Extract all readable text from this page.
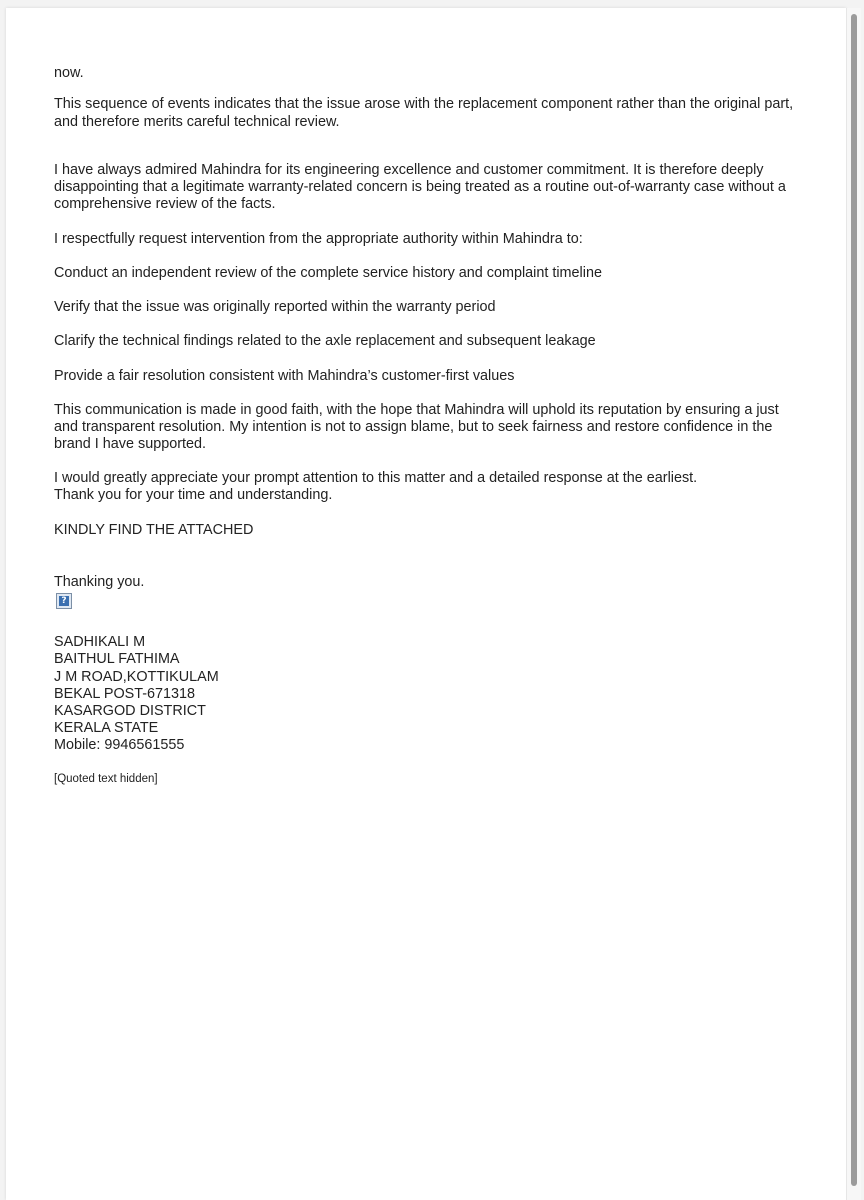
now.
This sequence of events indicates that the issue arose with the replacement component rather than the original part,
and therefore merits careful technical review.
I have always admired Mahindra for its engineering excellence and customer commitment. It is therefore deeply
disappointing that a legitimate warranty-related concern is being treated as a routine out-of-warranty case without a
comprehensive review of the facts.
I respectfully request intervention from the appropriate authority within Mahindra to:
Conduct an independent review of the complete service history and complaint timeline
Verify that the issue was originally reported within the warranty period
Clarify the technical findings related to the axle replacement and subsequent leakage
Provide a fair resolution consistent with Mahindra’s customer-first values
This communication is made in good faith, with the hope that Mahindra will uphold its reputation by ensuring a just
and transparent resolution. My intention is not to assign blame, but to seek fairness and restore confidence in the
brand I have supported.
I would greatly appreciate your prompt attention to this matter and a detailed response at the earliest.
Thank you for your time and understanding.
KINDLY FIND THE ATTACHED
Thanking you.
SADHIKALI M
BAITHUL FATHIMA
J M ROAD,KOTTIKULAM
BEKAL POST-671318
KASARGOD DISTRICT
KERALA STATE
Mobile: 9946561555
[Quoted text hidden]
?
